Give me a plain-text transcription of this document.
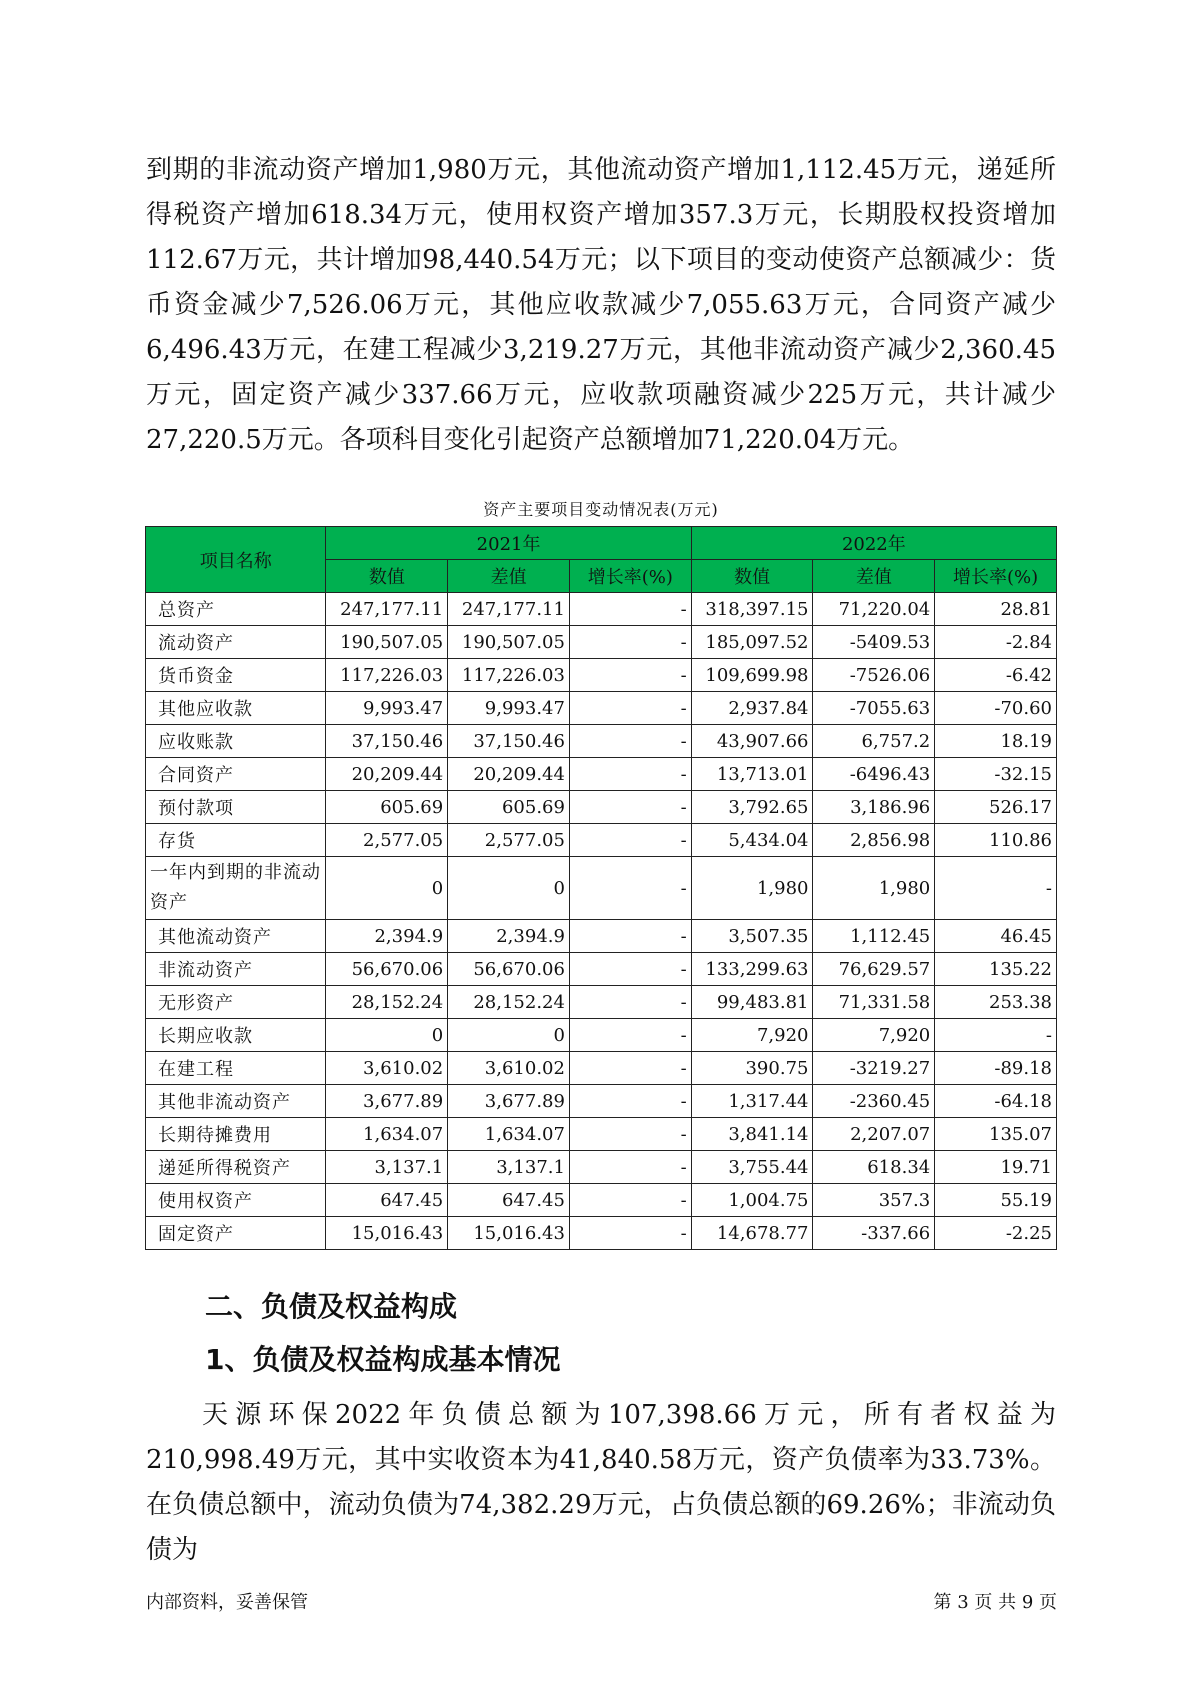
到期的非流动资产增加1,980万元，其他流动资产增加1,112.45万元，递延所得税资产增加618.34万元，使用权资产增加357.3万元，长期股权投资增加112.67万元，共计增加98,440.54万元；以下项目的变动使资产总额减少：货币资金减少7,526.06万元，其他应收款减少7,055.63万元，合同资产减少6,496.43万元，在建工程减少3,219.27万元，其他非流动资产减少2,360.45万元，固定资产减少337.66万元，应收款项融资减少225万元，共计减少27,220.5万元。各项科目变化引起资产总额增加71,220.04万元。

资产主要项目变动情况表(万元)
项目名称	2021年			2022年		
	数值	差值	增长率(%)	数值	差值	增长率(%)
总资产	247,177.11	247,177.11	-	318,397.15	71,220.04	28.81
流动资产	190,507.05	190,507.05	-	185,097.52	-5409.53	-2.84
货币资金	117,226.03	117,226.03	-	109,699.98	-7526.06	-6.42
其他应收款	9,993.47	9,993.47	-	2,937.84	-7055.63	-70.60
应收账款	37,150.46	37,150.46	-	43,907.66	6,757.2	18.19
合同资产	20,209.44	20,209.44	-	13,713.01	-6496.43	-32.15
预付款项	605.69	605.69	-	3,792.65	3,186.96	526.17
存货	2,577.05	2,577.05	-	5,434.04	2,856.98	110.86
一年内到期的非流动资产	0	0	-	1,980	1,980	-
其他流动资产	2,394.9	2,394.9	-	3,507.35	1,112.45	46.45
非流动资产	56,670.06	56,670.06	-	133,299.63	76,629.57	135.22
无形资产	28,152.24	28,152.24	-	99,483.81	71,331.58	253.38
长期应收款	0	0	-	7,920	7,920	-
在建工程	3,610.02	3,610.02	-	390.75	-3219.27	-89.18
其他非流动资产	3,677.89	3,677.89	-	1,317.44	-2360.45	-64.18
长期待摊费用	1,634.07	1,634.07	-	3,841.14	2,207.07	135.07
递延所得税资产	3,137.1	3,137.1	-	3,755.44	618.34	19.71
使用权资产	647.45	647.45	-	1,004.75	357.3	55.19
固定资产	15,016.43	15,016.43	-	14,678.77	-337.66	-2.25
二、负债及权益构成
1、负债及权益构成基本情况

天源环保2022年负债总额为107,398.66万元，所有者权益为210,998.49万元，其中实收资本为41,840.58万元，资产负债率为33.73%。在负债总额中，流动负债为74,382.29万元，占负债总额的69.26%；非流动负债为

内部资料，妥善保管	第 3 页 共 9 页
